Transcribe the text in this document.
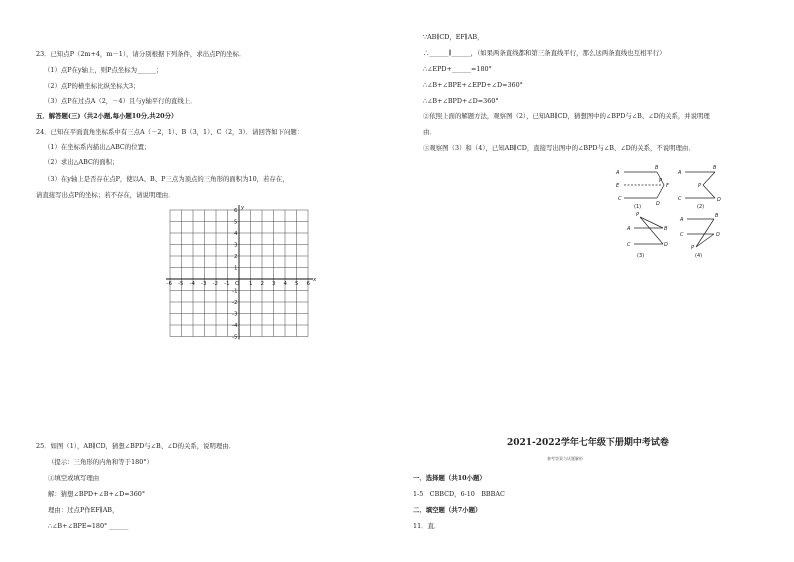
23．已知点P（2m+4，m－1），请分别根据下列条件，求出点P的坐标．
（1）点P在y轴上，则P点坐标为______；
（2）点P的横坐标比纵坐标大3；
（3）点P在过点A（2，－4）且与y轴平行的直线上．
五．解答题(三)（共2小题,每小题10分,共20分）
24．已知在平面直角坐标系中有三点A（－2，1）、B（3，1）、C（2，3）．请回答如下问题：
（1）在坐标系内描出△ABC的位置；
（2）求出△ABC的面积；
（3）在y轴上是否存在点P，使以A、B、P三点为顶点的三角形的面积为10，若存在，
请直接写出点P的坐标；若不存在，请说明理由．
-6 -5 -4 -3 -2 -1 O 1 2 3 4 5 6
6
5
4
3
2
1
-1
-2
-3
-4
-5
x
y
25．如图（1），AB∥CD，猜想∠BPD与∠B、∠D的关系，说明理由．
（提示：三角形的内角和等于180°）
①填空或填写理由
解：猜想∠BPD+∠B+∠D=360°
理由：过点P作EF∥AB，
∴∠B+∠BPE=180° ______
∵AB∥CD，EF∥AB，
∴______∥______，（如果两条直线都和第三条直线平行，那么这两条直线也互相平行）
∴∠EPD+______=180°
∴∠B+∠BPE+∠EPD+∠D=360°
∴∠B+∠BPD+∠D=360°
②依照上面的解题方法，观察图（2），已知AB∥CD，猜想图中的∠BPD与∠B、∠D的关系，并说明理
由．
③观察图（3）和（4），已知AB∥CD，直接写出图中的∠BPD与∠B、∠D的关系，不说明理由．
A
B
E	F
P
C
D
A
B
P
C	D
P
A	B
C	D
A
B
C	D
P
(1)	(2)
(3)	(4)
2021-2022学年七年级下册期中考试卷
参考答案与试题解析
一．选择题（共10小题）
1-5　CBBCD，6-10　BBBAC
二．填空题（共7小题）
11．直．
